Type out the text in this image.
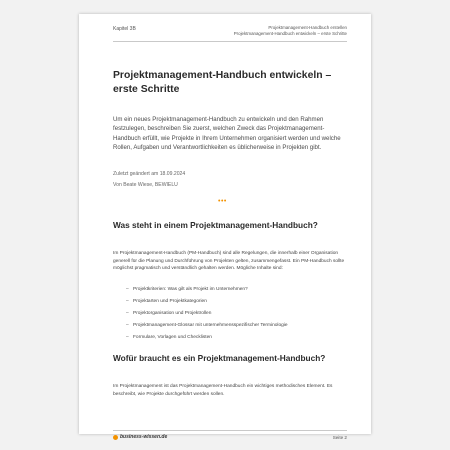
Kapitel 3B	Projektmanagement-Handbuch erstellen
Projektmanagement-Handbuch entwickeln – erste Schritte
Projektmanagement-Handbuch entwickeln – erste Schritte

Um ein neues Projektmanagement-Handbuch zu entwickeln und den Rahmen festzulegen, beschreiben Sie zuerst, welchen Zweck das Projektmanagement-Handbuch erfüllt, wie Projekte in Ihrem Unternehmen organisiert werden und welche Rollen, Aufgaben und Verantwortlichkeiten es üblicherweise in Projekten gibt.

Zuletzt geändert am 18.09.2024

Von Beate Wiese, BEWIELU

•••
Was steht in einem Projektmanagement-Handbuch?

Im Projektmanagement-Handbuch (PM-Handbuch) sind alle Regelungen, die innerhalb einer Organisation generell für die Planung und Durchführung von Projekten gelten, zusammengefasst. Ein PM-Handbuch sollte möglichst pragmatisch und verständlich gehalten werden. Mögliche Inhalte sind:

– Projektkriterien: Was gilt als Projekt im Unternehmen?
– Projektarten und Projektkategorien
– Projektorganisation und Projektrollen
– Projektmanagement-Glossar mit unternehmensspezifischer Terminologie
– Formulare, Vorlagen und Checklisten
Wofür braucht es ein Projektmanagement-Handbuch?

Im Projektmanagement ist das Projektmanagement-Handbuch ein wichtiges methodisches Element. Es beschreibt, wie Projekte durchgeführt werden sollen.

business-wissen.de	Seite 2
